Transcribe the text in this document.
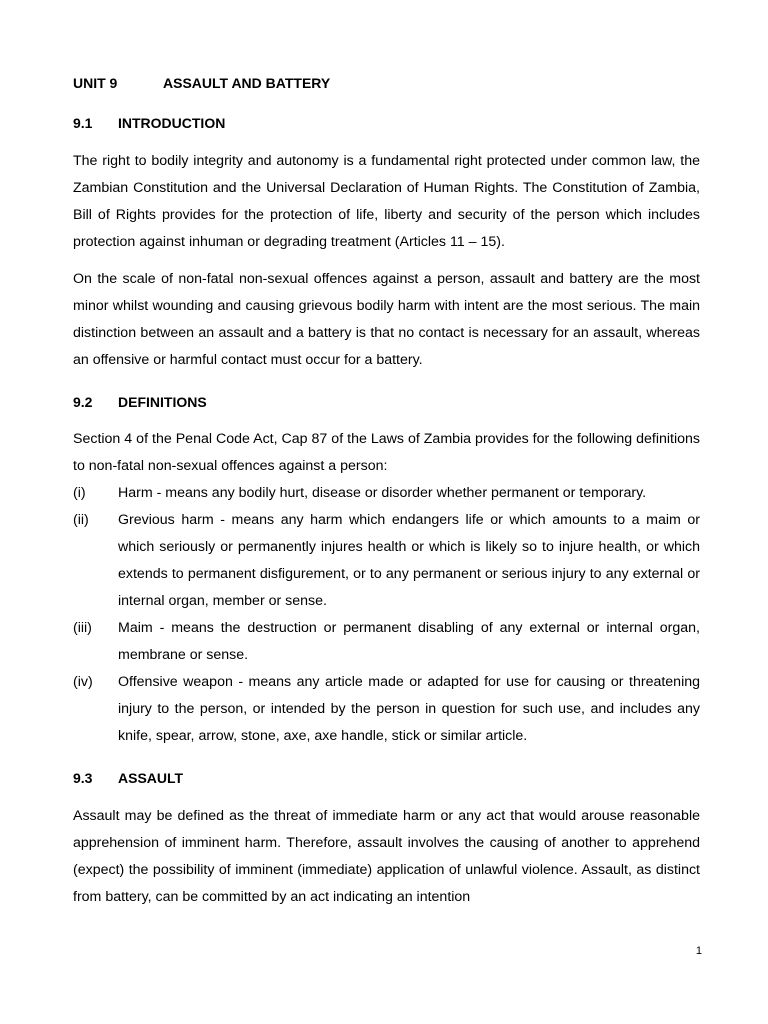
UNIT 9	ASSAULT AND BATTERY
9.1	INTRODUCTION

The right to bodily integrity and autonomy is a fundamental right protected under common law, the Zambian Constitution and the Universal Declaration of Human Rights. The Constitution of Zambia, Bill of Rights provides for the protection of life, liberty and security of the person which includes protection against inhuman or degrading treatment (Articles 11 – 15).

On the scale of non-fatal non-sexual offences against a person, assault and battery are the most minor whilst wounding and causing grievous bodily harm with intent are the most serious. The main distinction between an assault and a battery is that no contact is necessary for an assault, whereas an offensive or harmful contact must occur for a battery.

9.2	DEFINITIONS

Section 4 of the Penal Code Act, Cap 87 of the Laws of Zambia provides for the following definitions to non-fatal non-sexual offences against a person:

(i)	Harm - means any bodily hurt, disease or disorder whether permanent or temporary.
(ii)	Grevious harm - means any harm which endangers life or which amounts to a maim or which seriously or permanently injures health or which is likely so to injure health, or which extends to permanent disfigurement, or to any permanent or serious injury to any external or internal organ, member or sense.
(iii)	Maim - means the destruction or permanent disabling of any external or internal organ, membrane or sense.
(iv)	Offensive weapon - means any article made or adapted for use for causing or threatening injury to the person, or intended by the person in question for such use, and includes any knife, spear, arrow, stone, axe, axe handle, stick or similar article.
9.3	ASSAULT

Assault may be defined as the threat of immediate harm or any act that would arouse reasonable apprehension of imminent harm. Therefore, assault involves the causing of another to apprehend (expect) the possibility of imminent (immediate) application of unlawful violence. Assault, as distinct from battery, can be committed by an act indicating an intention

1
